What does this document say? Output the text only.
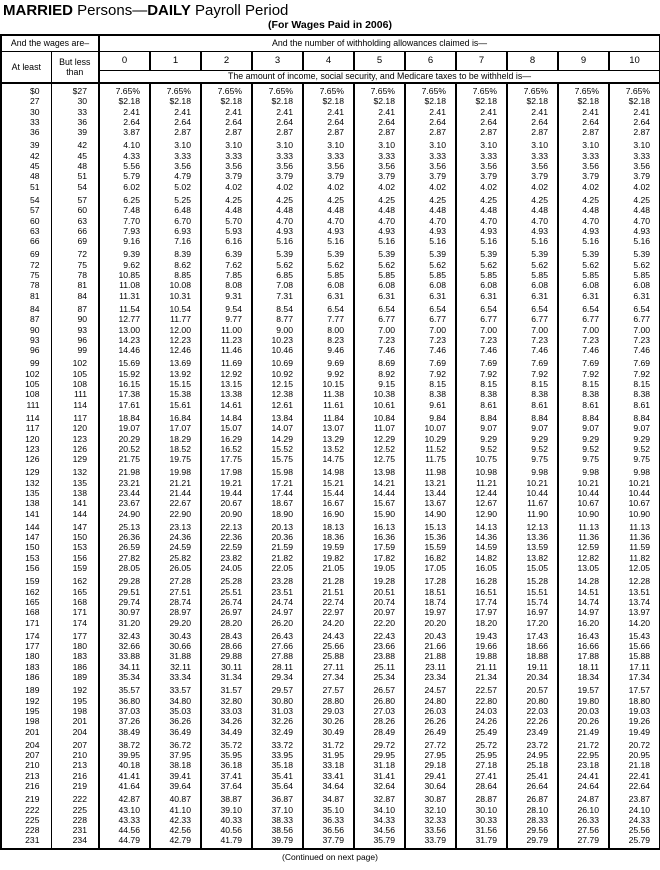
MARRIED Persons—DAILY Payroll Period
(For Wages Paid in 2006)
And the wages are–		And the number of withholding allowances claimed is—										
At least	But less than	0	1	2	3	4	5	6	7	8	9	10
		The amount of income, social security, and Medicare taxes to be withheld is—										

$0	$27	7.65%	7.65%	7.65%	7.65%	7.65%	7.65%	7.65%	7.65%	7.65%	7.65%	7.65%
27	30	$2.18	$2.18	$2.18	$2.18	$2.18	$2.18	$2.18	$2.18	$2.18	$2.18	$2.18
30	33	2.41	2.41	2.41	2.41	2.41	2.41	2.41	2.41	2.41	2.41	2.41
33	36	2.64	2.64	2.64	2.64	2.64	2.64	2.64	2.64	2.64	2.64	2.64
36	39	3.87	2.87	2.87	2.87	2.87	2.87	2.87	2.87	2.87	2.87	2.87

39	42	4.10	3.10	3.10	3.10	3.10	3.10	3.10	3.10	3.10	3.10	3.10
42	45	4.33	3.33	3.33	3.33	3.33	3.33	3.33	3.33	3.33	3.33	3.33
45	48	5.56	3.56	3.56	3.56	3.56	3.56	3.56	3.56	3.56	3.56	3.56
48	51	5.79	4.79	3.79	3.79	3.79	3.79	3.79	3.79	3.79	3.79	3.79
51	54	6.02	5.02	4.02	4.02	4.02	4.02	4.02	4.02	4.02	4.02	4.02

54	57	6.25	5.25	4.25	4.25	4.25	4.25	4.25	4.25	4.25	4.25	4.25
57	60	7.48	6.48	4.48	4.48	4.48	4.48	4.48	4.48	4.48	4.48	4.48
60	63	7.70	6.70	5.70	4.70	4.70	4.70	4.70	4.70	4.70	4.70	4.70
63	66	7.93	6.93	5.93	4.93	4.93	4.93	4.93	4.93	4.93	4.93	4.93
66	69	9.16	7.16	6.16	5.16	5.16	5.16	5.16	5.16	5.16	5.16	5.16

69	72	9.39	8.39	6.39	5.39	5.39	5.39	5.39	5.39	5.39	5.39	5.39
72	75	9.62	8.62	7.62	5.62	5.62	5.62	5.62	5.62	5.62	5.62	5.62
75	78	10.85	8.85	7.85	6.85	5.85	5.85	5.85	5.85	5.85	5.85	5.85
78	81	11.08	10.08	8.08	7.08	6.08	6.08	6.08	6.08	6.08	6.08	6.08
81	84	11.31	10.31	9.31	7.31	6.31	6.31	6.31	6.31	6.31	6.31	6.31

84	87	11.54	10.54	9.54	8.54	6.54	6.54	6.54	6.54	6.54	6.54	6.54
87	90	12.77	11.77	9.77	8.77	7.77	6.77	6.77	6.77	6.77	6.77	6.77
90	93	13.00	12.00	11.00	9.00	8.00	7.00	7.00	7.00	7.00	7.00	7.00
93	96	14.23	12.23	11.23	10.23	8.23	7.23	7.23	7.23	7.23	7.23	7.23
96	99	14.46	12.46	11.46	10.46	9.46	7.46	7.46	7.46	7.46	7.46	7.46

99	102	15.69	13.69	11.69	10.69	9.69	8.69	7.69	7.69	7.69	7.69	7.69
102	105	15.92	13.92	12.92	10.92	9.92	8.92	7.92	7.92	7.92	7.92	7.92
105	108	16.15	15.15	13.15	12.15	10.15	9.15	8.15	8.15	8.15	8.15	8.15
108	111	17.38	15.38	13.38	12.38	11.38	10.38	8.38	8.38	8.38	8.38	8.38
111	114	17.61	15.61	14.61	12.61	11.61	10.61	9.61	8.61	8.61	8.61	8.61

114	117	18.84	16.84	14.84	13.84	11.84	10.84	9.84	8.84	8.84	8.84	8.84
117	120	19.07	17.07	15.07	14.07	13.07	11.07	10.07	9.07	9.07	9.07	9.07
120	123	20.29	18.29	16.29	14.29	13.29	12.29	10.29	9.29	9.29	9.29	9.29
123	126	20.52	18.52	16.52	15.52	13.52	12.52	11.52	9.52	9.52	9.52	9.52
126	129	21.75	19.75	17.75	15.75	14.75	12.75	11.75	10.75	9.75	9.75	9.75

129	132	21.98	19.98	17.98	15.98	14.98	13.98	11.98	10.98	9.98	9.98	9.98
132	135	23.21	21.21	19.21	17.21	15.21	14.21	13.21	11.21	10.21	10.21	10.21
135	138	23.44	21.44	19.44	17.44	15.44	14.44	13.44	12.44	10.44	10.44	10.44
138	141	23.67	22.67	20.67	18.67	16.67	15.67	13.67	12.67	11.67	10.67	10.67
141	144	24.90	22.90	20.90	18.90	16.90	15.90	14.90	12.90	11.90	10.90	10.90

144	147	25.13	23.13	22.13	20.13	18.13	16.13	15.13	14.13	12.13	11.13	11.13
147	150	26.36	24.36	22.36	20.36	18.36	16.36	15.36	14.36	13.36	11.36	11.36
150	153	26.59	24.59	22.59	21.59	19.59	17.59	15.59	14.59	13.59	12.59	11.59
153	156	27.82	25.82	23.82	21.82	19.82	17.82	16.82	14.82	13.82	12.82	11.82
156	159	28.05	26.05	24.05	22.05	21.05	19.05	17.05	16.05	15.05	13.05	12.05

159	162	29.28	27.28	25.28	23.28	21.28	19.28	17.28	16.28	15.28	14.28	12.28
162	165	29.51	27.51	25.51	23.51	21.51	20.51	18.51	16.51	15.51	14.51	13.51
165	168	29.74	28.74	26.74	24.74	22.74	20.74	18.74	17.74	15.74	14.74	13.74
168	171	30.97	28.97	26.97	24.97	22.97	20.97	19.97	17.97	16.97	14.97	13.97
171	174	31.20	29.20	28.20	26.20	24.20	22.20	20.20	18.20	17.20	16.20	14.20

174	177	32.43	30.43	28.43	26.43	24.43	22.43	20.43	19.43	17.43	16.43	15.43
177	180	32.66	30.66	28.66	27.66	25.66	23.66	21.66	19.66	18.66	16.66	15.66
180	183	33.88	31.88	29.88	27.88	25.88	23.88	21.88	19.88	18.88	17.88	15.88
183	186	34.11	32.11	30.11	28.11	27.11	25.11	23.11	21.11	19.11	18.11	17.11
186	189	35.34	33.34	31.34	29.34	27.34	25.34	23.34	21.34	20.34	18.34	17.34

189	192	35.57	33.57	31.57	29.57	27.57	26.57	24.57	22.57	20.57	19.57	17.57
192	195	36.80	34.80	32.80	30.80	28.80	26.80	24.80	22.80	20.80	19.80	18.80
195	198	37.03	35.03	33.03	31.03	29.03	27.03	26.03	24.03	22.03	20.03	19.03
198	201	37.26	36.26	34.26	32.26	30.26	28.26	26.26	24.26	22.26	20.26	19.26
201	204	38.49	36.49	34.49	32.49	30.49	28.49	26.49	25.49	23.49	21.49	19.49

204	207	38.72	36.72	35.72	33.72	31.72	29.72	27.72	25.72	23.72	21.72	20.72
207	210	39.95	37.95	35.95	33.95	31.95	29.95	27.95	25.95	24.95	22.95	20.95
210	213	40.18	38.18	36.18	35.18	33.18	31.18	29.18	27.18	25.18	23.18	21.18
213	216	41.41	39.41	37.41	35.41	33.41	31.41	29.41	27.41	25.41	24.41	22.41
216	219	41.64	39.64	37.64	35.64	34.64	32.64	30.64	28.64	26.64	24.64	22.64

219	222	42.87	40.87	38.87	36.87	34.87	32.87	30.87	28.87	26.87	24.87	23.87
222	225	43.10	41.10	39.10	37.10	35.10	34.10	32.10	30.10	28.10	26.10	24.10
225	228	43.33	42.33	40.33	38.33	36.33	34.33	32.33	30.33	28.33	26.33	24.33
228	231	44.56	42.56	40.56	38.56	36.56	34.56	33.56	31.56	29.56	27.56	25.56
231	234	44.79	42.79	41.79	39.79	37.79	35.79	33.79	31.79	29.79	27.79	25.79

(Continued on next page)
